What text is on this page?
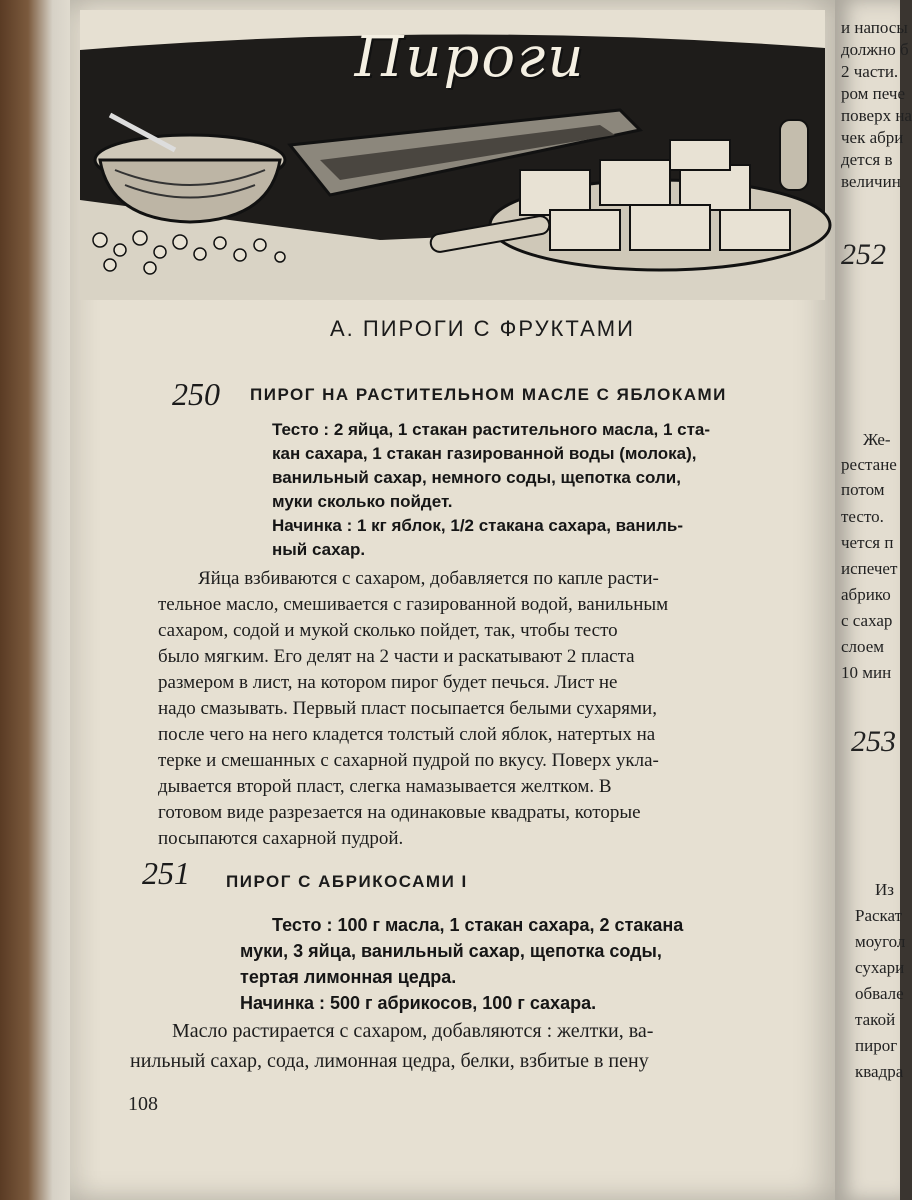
Пироги
А. ПИРОГИ С ФРУКТАМИ
250 ПИРОГ НА РАСТИТЕЛЬНОМ МАСЛЕ С ЯБЛОКАМИ
Тесто : 2 яйца, 1 стакан растительного масла, 1 ста-
кан сахара, 1 стакан газированной воды (молока),
ванильный сахар, немного соды, щепотка соли,
муки сколько пойдет.
Начинка : 1 кг яблок, 1/2 стакана сахара, ваниль-
ный сахар.
Яйца взбиваются с сахаром, добавляется по капле расти-
тельное масло, смешивается с газированной водой, ванильным
сахаром, содой и мукой сколько пойдет, так, чтобы тесто
было мягким. Его делят на 2 части и раскатывают 2 пласта
размером в лист, на котором пирог будет печься. Лист не
надо смазывать. Первый пласт посыпается белыми сухарями,
после чего на него кладется толстый слой яблок, натертых на
терке и смешанных с сахарной пудрой по вкусу. Поверх укла-
дывается второй пласт, слегка намазывается желтком. В
готовом виде разрезается на одинаковые квадраты, которые
посыпаются сахарной пудрой.
251 ПИРОГ С АБРИКОСАМИ I
Тесто : 100 г масла, 1 стакан сахара, 2 стакана
муки, 3 яйца, ванильный сахар, щепотка соды,
тертая лимонная цедра.
Начинка : 500 г абрикосов, 100 г сахара.
Масло растирается с сахаром, добавляются : желтки, ва-
нильный сахар, сода, лимонная цедра, белки, взбитые в пену
108
и напосы
должно б
2 части.
ром пече
поверх на
чек абри
дется в
величин
252
Же-
рестане
потом
тесто.
чется п
испечет
абрико
с сахар
слоем
10 мин
253
Из
Раскат
моугол
сухари
обвале
такой
пирог
квадра
